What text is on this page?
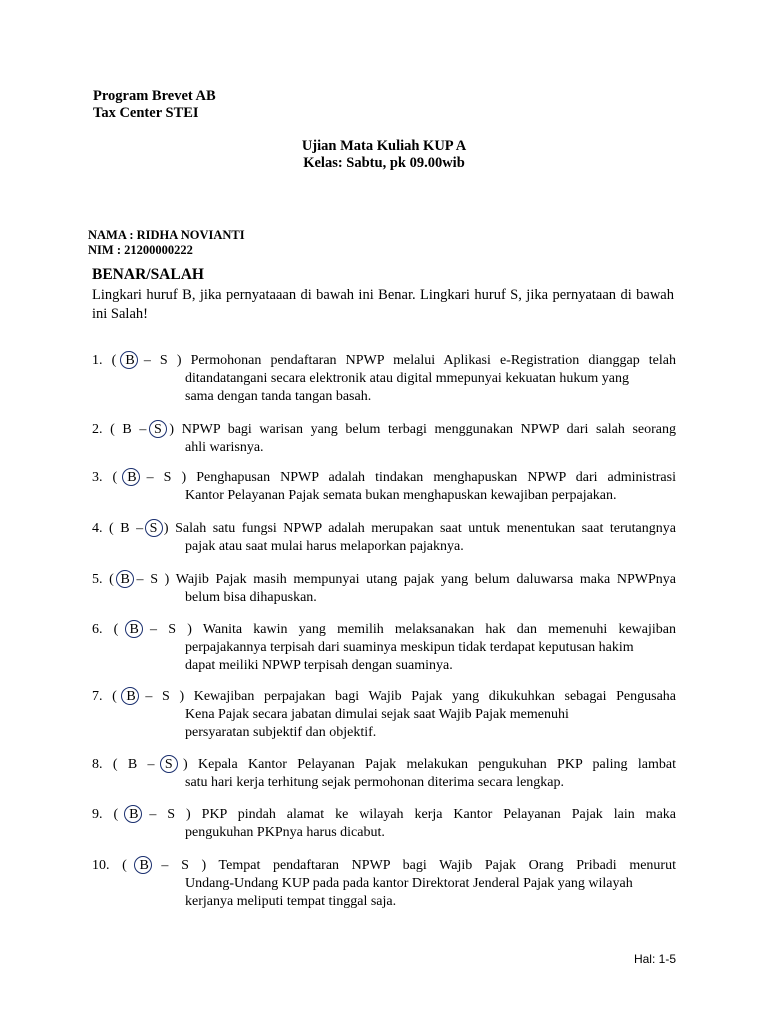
Program Brevet AB
Tax Center STEI
Ujian Mata Kuliah KUP A
Kelas: Sabtu, pk 09.00wib
NAMA : RIDHA NOVIANTI
NIM : 21200000222
BENAR/SALAH
Lingkari huruf B, jika pernyataaan di bawah ini Benar. Lingkari huruf S, jika pernyataan di bawah ini Salah!
1. ( B
– S ) Permohonan pendaftaran NPWP melalui Aplikasi e-Registration dianggap telah
ditandatangani secara elektronik atau digital mmepunyai kekuatan hukum yang
sama dengan tanda tangan basah.
2. ( B – S
) NPWP bagi warisan yang belum terbagi menggunakan NPWP dari salah seorang
ahli warisnya.
3. ( B
– S ) Penghapusan NPWP adalah tindakan menghapuskan NPWP dari administrasi
Kantor Pelayanan Pajak semata bukan menghapuskan kewajiban perpajakan.
4. ( B – S
) Salah satu fungsi NPWP adalah merupakan saat untuk menentukan saat terutangnya
pajak atau saat mulai harus melaporkan pajaknya.
5. ( B
– S ) Wajib Pajak masih mempunyai utang pajak yang belum daluwarsa maka NPWPnya
belum bisa dihapuskan.
6. ( B
– S ) Wanita kawin yang memilih melaksanakan hak dan memenuhi kewajiban
perpajakannya terpisah dari suaminya meskipun tidak terdapat keputusan hakim
dapat meiliki NPWP terpisah dengan suaminya.
7. ( B
– S ) Kewajiban perpajakan bagi Wajib Pajak yang dikukuhkan sebagai Pengusaha
Kena Pajak secara jabatan dimulai sejak saat Wajib Pajak memenuhi
persyaratan subjektif dan objektif.
8. ( B – S
) Kepala Kantor Pelayanan Pajak melakukan pengukuhan PKP paling lambat
satu hari kerja terhitung sejak permohonan diterima secara lengkap.
9. ( B
– S ) PKP pindah alamat ke wilayah kerja Kantor Pelayanan Pajak lain maka
pengukuhan PKPnya harus dicabut.
10. ( B
– S ) Tempat pendaftaran NPWP bagi Wajib Pajak Orang Pribadi menurut
Undang-Undang KUP pada pada kantor Direktorat Jenderal Pajak yang wilayah
kerjanya meliputi tempat tinggal saja.
Hal: 1-5
